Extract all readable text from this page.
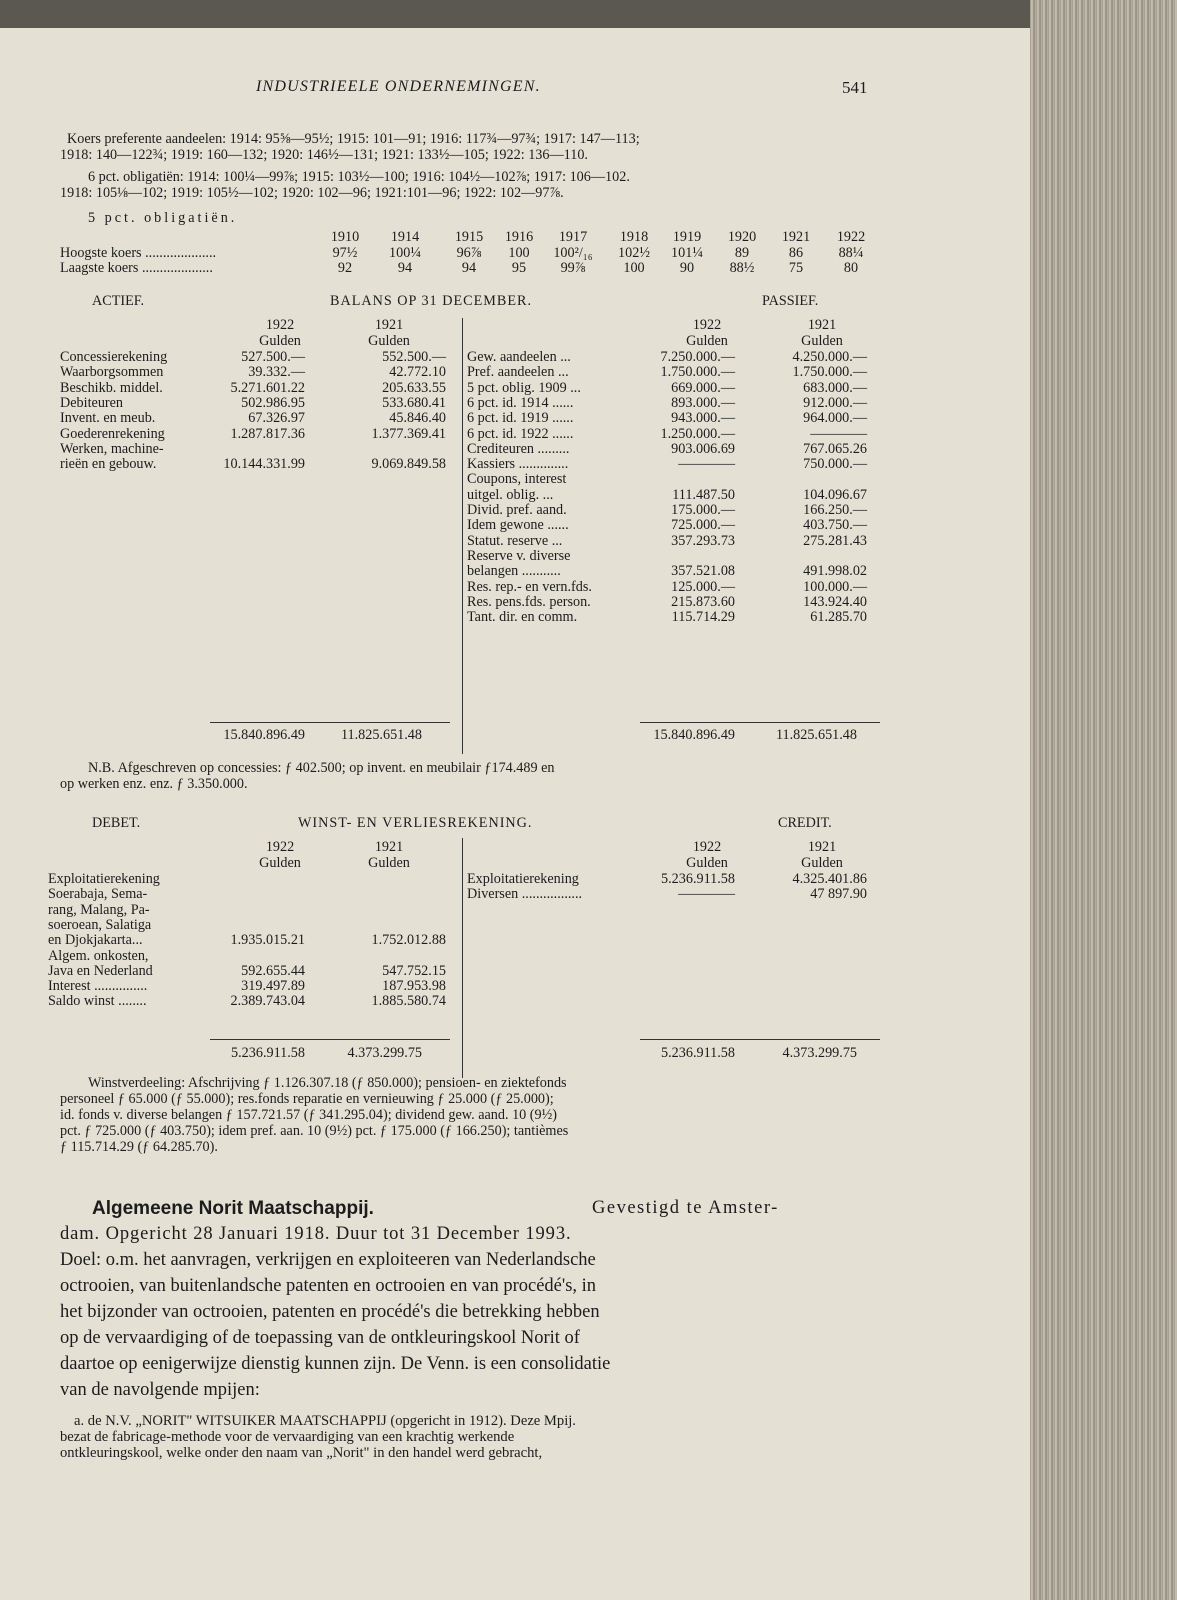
INDUSTRIEELE ONDERNEMINGEN.	541
Koers preferente aandeelen: 1914: 95⅝—95½; 1915: 101—91; 1916: 117¾—97¾; 1917: 147—113;
1918: 140—122¾; 1919: 160—132; 1920: 146½—131; 1921: 133½—105; 1922: 136—110.
6 pct. obligatiën: 1914: 100¼—99⅞; 1915: 103½—100; 1916: 104½—102⅞; 1917: 106—102.
1918: 105⅛—102; 1919: 105½—102; 1920: 102—96; 1921:101—96; 1922: 102—97⅞.
5 pct. obligatiën.
1910	1914	1915	1916	1917	1918	1919	1920	1921	1922
Hoogste koers ....................	97½	100¼	96⅞	100	100²/₁₆	102½	101¼	89	86	88¼
Laagste koers ....................	92	94	94	95	99⅞	100	90	88½	75	80
ACTIEF.	BALANS OP 31 DECEMBER.	PASSIEF.
1922	1921
Gulden	Gulden
1922	1921
Gulden	Gulden
Concessierekening	527.500.—	552.500.—
Waarborgsommen	39.332.—	42.772.10
Beschikb. middel.	5.271.601.22	205.633.55
Debiteuren	502.986.95	533.680.41
Invent. en meub.	67.326.97	45.846.40
Goederenrekening	1.287.817.36	1.377.369.41
Werken, machine-
rieën en gebouw.	10.144.331.99	9.069.849.58
Gew. aandeelen ...	7.250.000.—	4.250.000.—
Pref. aandeelen ...	1.750.000.—	1.750.000.—
5 pct. oblig. 1909 ...	669.000.—	683.000.—
6 pct. id. 1914 ......	893.000.—	912.000.—
6 pct. id. 1919 ......	943.000.—	964.000.—
6 pct. id. 1922 ......	1.250.000.—	————
Crediteuren .........	903.006.69	767.065.26
Kassiers ..............	————	750.000.—
Coupons, interest
uitgel. oblig. ...	111.487.50	104.096.67
Divid. pref. aand.	175.000.—	166.250.—
Idem gewone ......	725.000.—	403.750.—
Statut. reserve ...	357.293.73	275.281.43
Reserve v. diverse
belangen ...........	357.521.08	491.998.02
Res. rep.- en vern.fds.	125.000.—	100.000.—
Res. pens.fds. person.	215.873.60	143.924.40
Tant. dir. en comm.	115.714.29	61.285.70
15.840.896.49	11.825.651.48	15.840.896.49	11.825.651.48
N.B. Afgeschreven op concessies: ƒ 402.500; op invent. en meubilair ƒ174.489 en
op werken enz. enz. ƒ 3.350.000.
DEBET.	WINST- EN VERLIESREKENING.	CREDIT.
1922	1921
Gulden	Gulden
1922	1921
Gulden	Gulden
Exploitatierekening
Soerabaja, Sema-
rang, Malang, Pa-
soeroean, Salatiga
en Djokjakarta...	1.935.015.21	1.752.012.88
Algem. onkosten,
Java en Nederland	592.655.44	547.752.15
Interest ...............	319.497.89	187.953.98
Saldo winst ........	2.389.743.04	1.885.580.74
Exploitatierekening	5.236.911.58	4.325.401.86
Diversen .................	————	47 897.90
5.236.911.58	4.373.299.75	5.236.911.58	4.373.299.75
Winstverdeeling: Afschrijving ƒ 1.126.307.18 (ƒ 850.000); pensioen- en ziektefonds
personeel ƒ 65.000 (ƒ 55.000); res.fonds reparatie en vernieuwing ƒ 25.000 (ƒ 25.000);
id. fonds v. diverse belangen ƒ 157.721.57 (ƒ 341.295.04); dividend gew. aand. 10 (9½)
pct. ƒ 725.000 (ƒ 403.750); idem pref. aan. 10 (9½) pct. ƒ 175.000 (ƒ 166.250); tantièmes
ƒ 115.714.29 (ƒ 64.285.70).
Algemeene Norit Maatschappij.	Gevestigd te Amster-
dam. Opgericht 28 Januari 1918. Duur tot 31 December 1993.
Doel: o.m. het aanvragen, verkrijgen en exploiteeren van Nederlandsche
octrooien, van buitenlandsche patenten en octrooien en van procédé's, in
het bijzonder van octrooien, patenten en procédé's die betrekking hebben
op de vervaardiging of de toepassing van de ontkleuringskool Norit of
daartoe op eenigerwijze dienstig kunnen zijn. De Venn. is een consolidatie
van de navolgende mpijen:
a. de N.V. „NORIT" WITSUIKER MAATSCHAPPIJ (opgericht in 1912). Deze Mpij.
bezat de fabricage-methode voor de vervaardiging van een krachtig werkende
ontkleuringskool, welke onder den naam van „Norit" in den handel werd gebracht,
